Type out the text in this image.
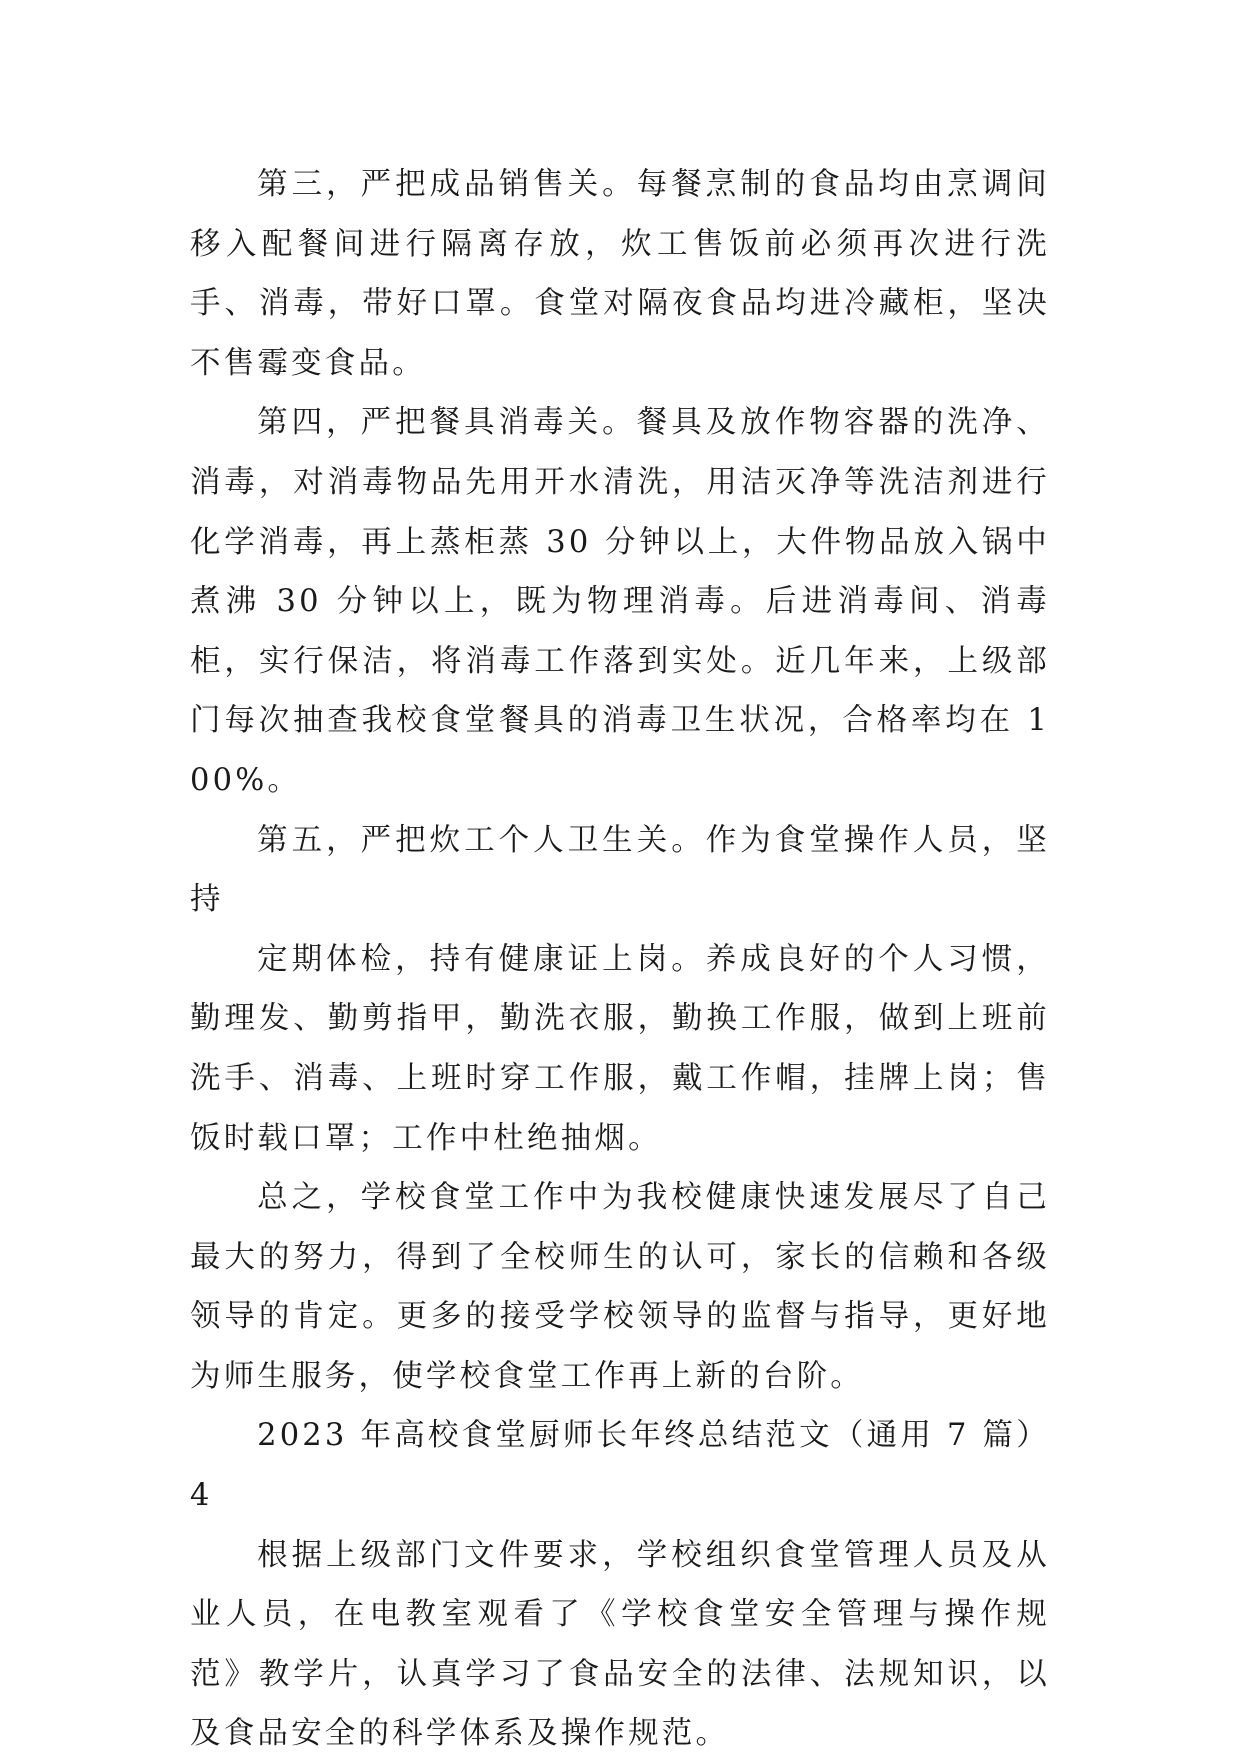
第三，严把成品销售关。每餐烹制的食品均由烹调间移入配餐间进行隔离存放，炊工售饭前必须再次进行洗手、消毒，带好口罩。食堂对隔夜食品均进冷藏柜，坚决不售霉变食品。

第四，严把餐具消毒关。餐具及放作物容器的洗净、消毒，对消毒物品先用开水清洗，用洁灭净等洗洁剂进行化学消毒，再上蒸柜蒸 30 分钟以上，大件物品放入锅中煮沸 30 分钟以上，既为物理消毒。后进消毒间、消毒柜，实行保洁，将消毒工作落到实处。近几年来，上级部门每次抽查我校食堂餐具的消毒卫生状况，合格率均在 100%。

第五，严把炊工个人卫生关。作为食堂操作人员，坚持

定期体检，持有健康证上岗。养成良好的个人习惯，勤理发、勤剪指甲，勤洗衣服，勤换工作服，做到上班前洗手、消毒、上班时穿工作服，戴工作帽，挂牌上岗；售饭时载口罩；工作中杜绝抽烟。

总之，学校食堂工作中为我校健康快速发展尽了自己最大的努力，得到了全校师生的认可，家长的信赖和各级领导的肯定。更多的接受学校领导的监督与指导，更好地为师生服务，使学校食堂工作再上新的台阶。

2023 年高校食堂厨师长年终总结范文（通用 7 篇）4

根据上级部门文件要求，学校组织食堂管理人员及从业人员，在电教室观看了《学校食堂安全管理与操作规范》教学片，认真学习了食品安全的法律、法规知识，以及食品安全的科学体系及操作规范。
